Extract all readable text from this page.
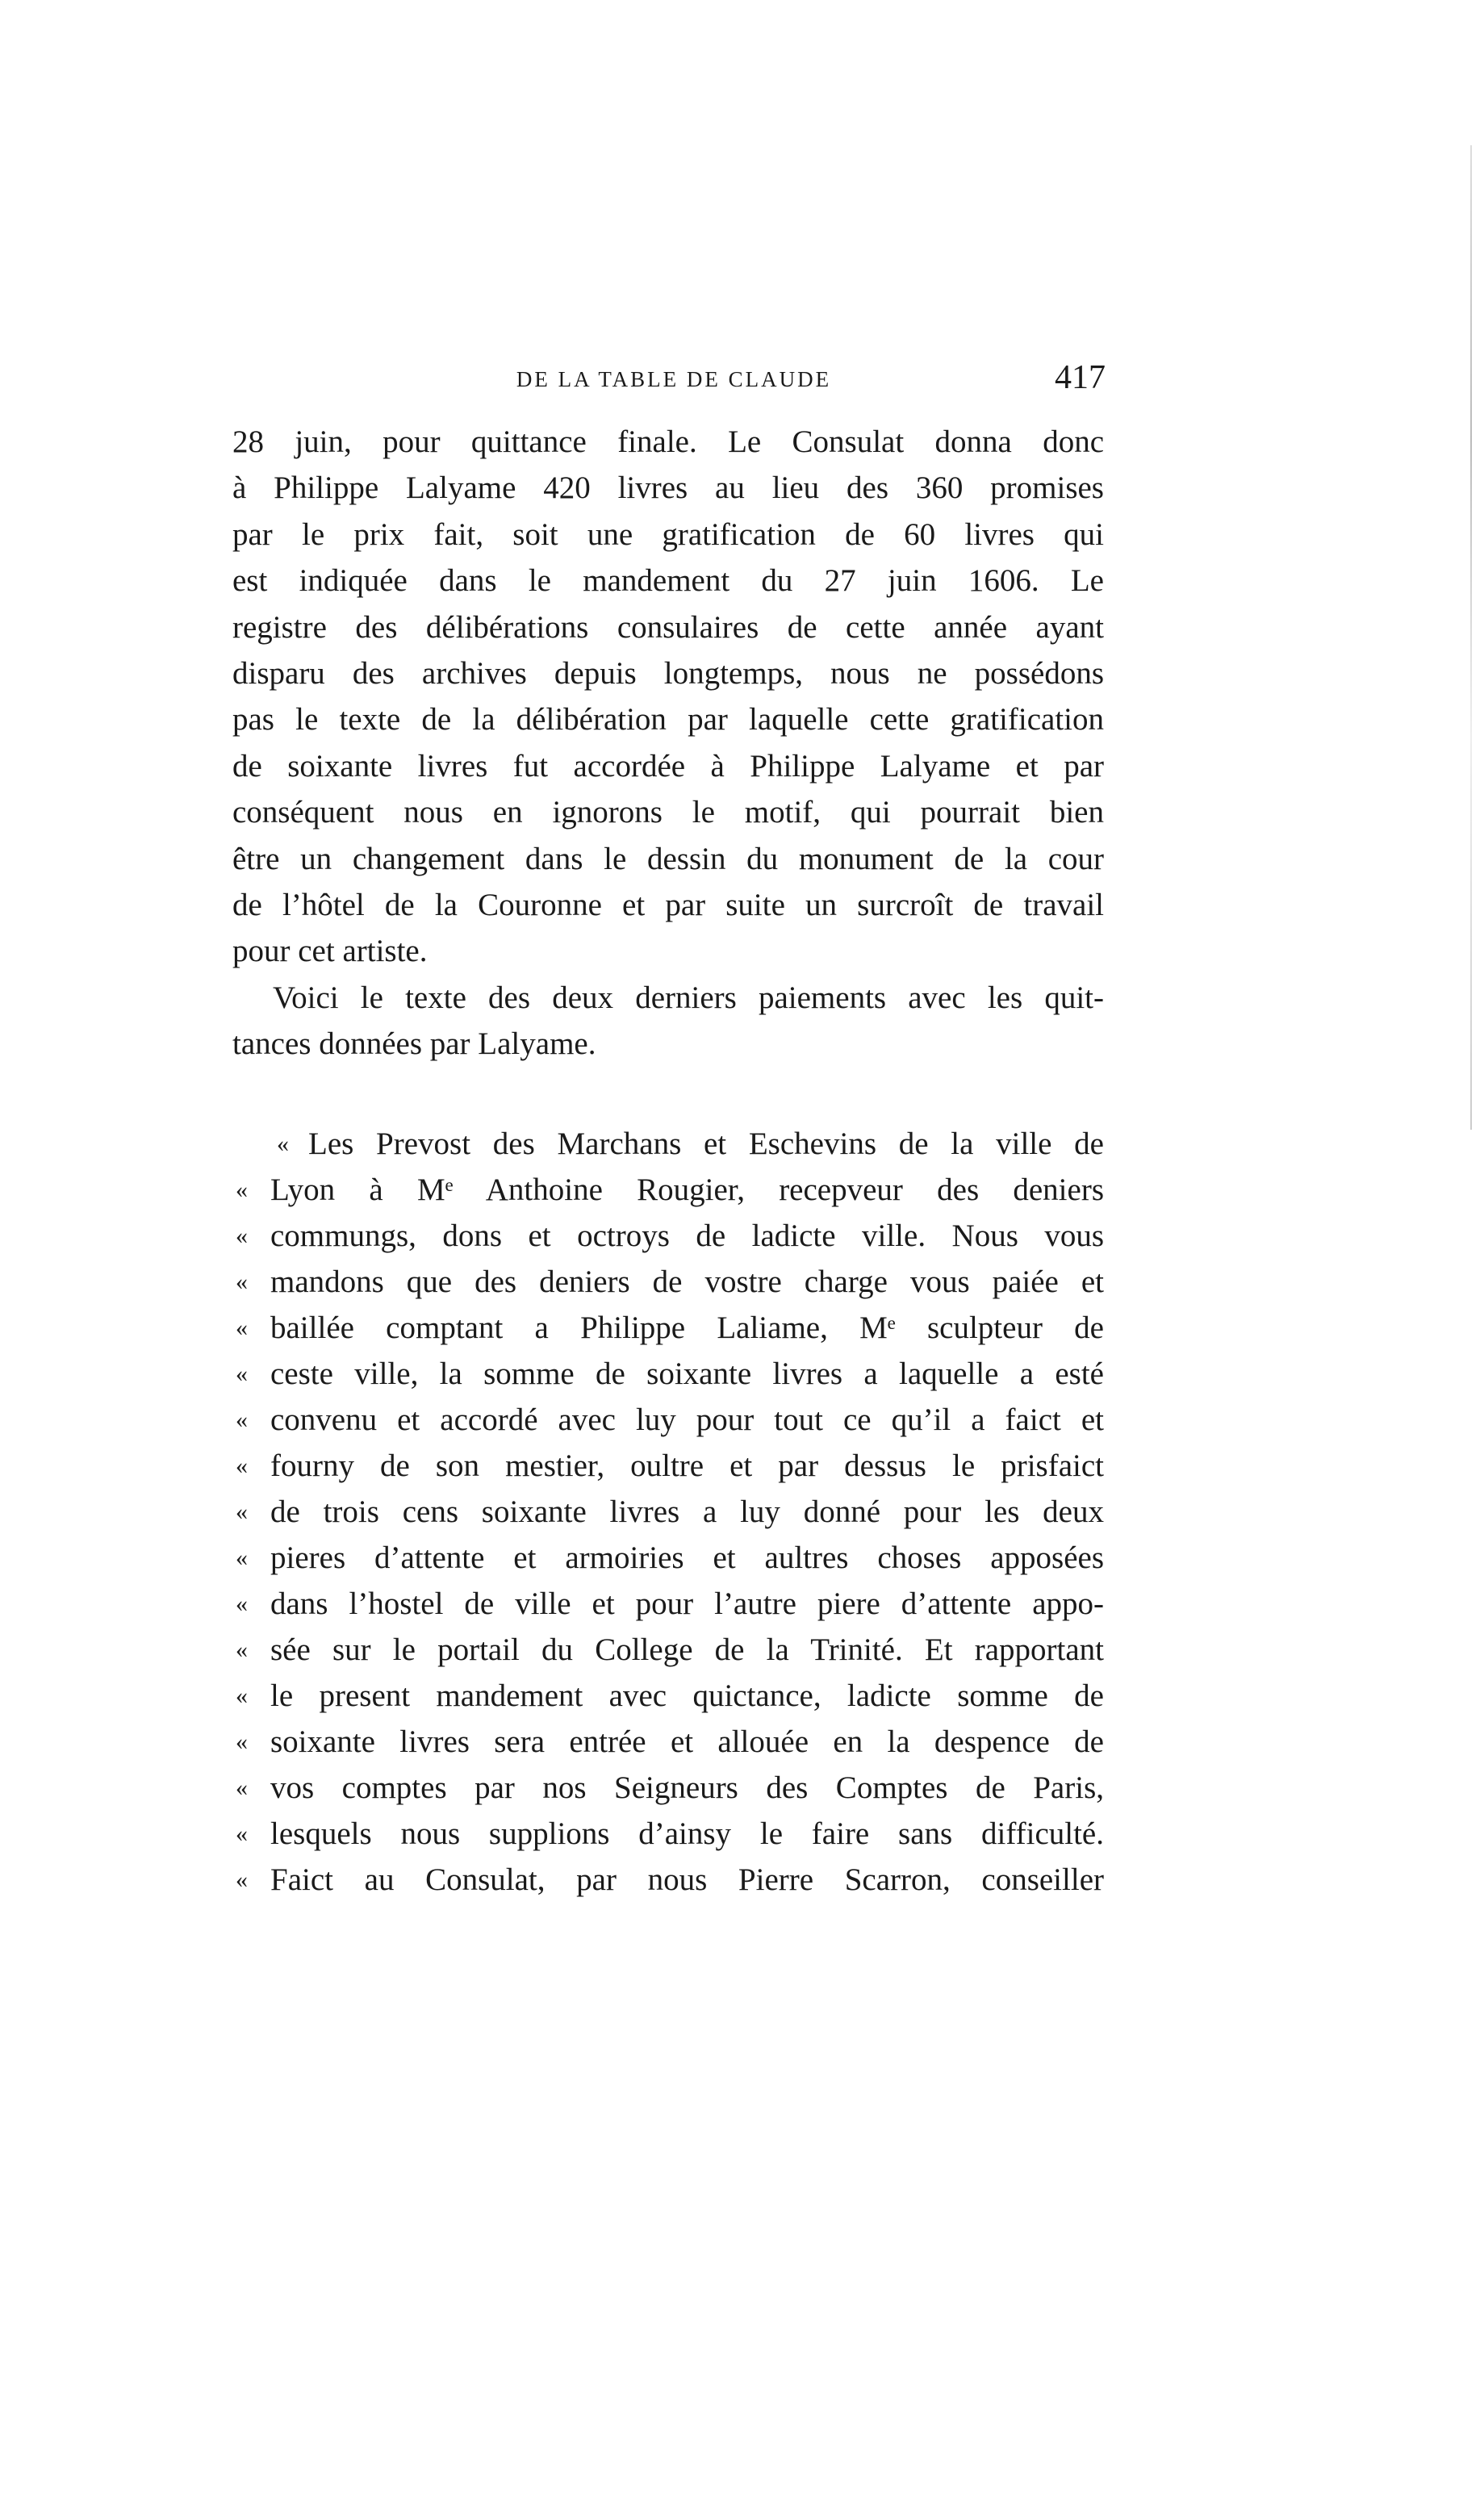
DE LA TABLE DE CLAUDE	417
28 juin, pour quittance finale. Le Consulat donna donc
à Philippe Lalyame 420 livres au lieu des 360 promises
par le prix fait, soit une gratification de 60 livres qui
est indiquée dans le mandement du 27 juin 1606. Le
registre des délibérations consulaires de cette année ayant
disparu des archives depuis longtemps, nous ne possédons
pas le texte de la délibération par laquelle cette gratification
de soixante livres fut accordée à Philippe Lalyame et par
conséquent nous en ignorons le motif, qui pourrait bien
être un changement dans le dessin du monument de la cour
de l’hôtel de la Couronne et par suite un surcroît de travail
pour cet artiste.
Voici le texte des deux derniers paiements avec les quit-
tances données par Lalyame.
« Les Prevost des Marchans et Eschevins de la ville de
« Lyon à Mᵉ Anthoine Rougier, recepveur des deniers
« commungs, dons et octroys de ladicte ville. Nous vous
« mandons que des deniers de vostre charge vous paiée et
« baillée comptant a Philippe Laliame, Mᵉ sculpteur de
« ceste ville, la somme de soixante livres a laquelle a esté
« convenu et accordé avec luy pour tout ce qu’il a faict et
« fourny de son mestier, oultre et par dessus le prisfaict
« de trois cens soixante livres a luy donné pour les deux
« pieres d’attente et armoiries et aultres choses apposées
« dans l’hostel de ville et pour l’autre piere d’attente appo-
« sée sur le portail du College de la Trinité. Et rapportant
« le present mandement avec quictance, ladicte somme de
« soixante livres sera entrée et allouée en la despence de
« vos comptes par nos Seigneurs des Comptes de Paris,
« lesquels nous supplions d’ainsy le faire sans difficulté.
« Faict au Consulat, par nous Pierre Scarron, conseiller
